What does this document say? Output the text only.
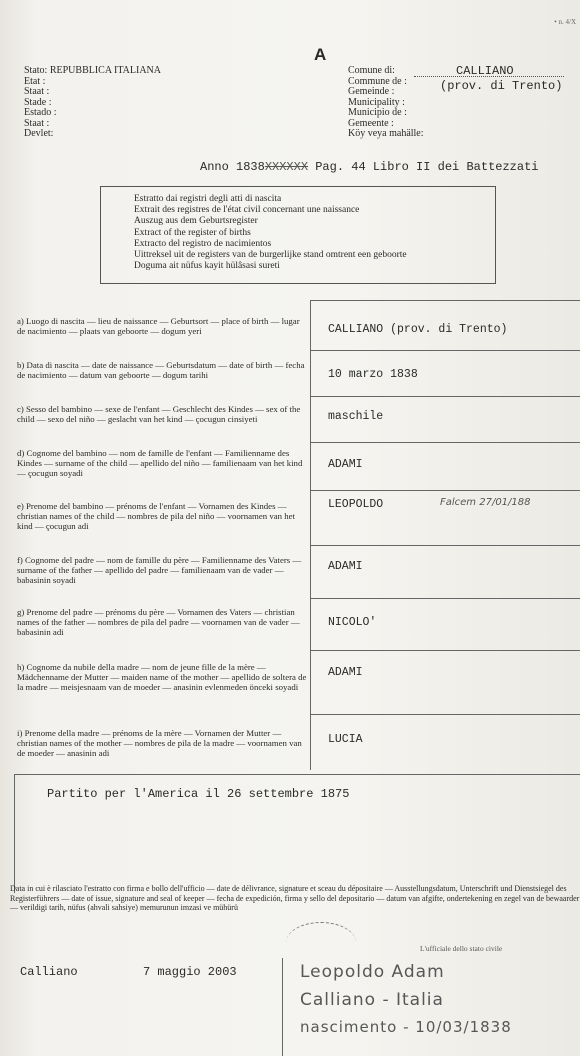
A
• n. 4/X
Stato: REPUBBLICA ITALIANA
Etat :
Staat :
Stade :
Estado :
Staat :
Devlet:
Comune di:
Commune de :
Gemeinde :
Municipality :
Municipio de :
Gemeente :
Köy veya mahälle:
CALLIANO
(prov. di Trento)
Anno 1838XXXXXX Pag. 44 Libro II dei Battezzati
Estratto dai registri degli atti di nascita
Extrait des registres de l'état civil concernant une naissance
Auszug aus dem Geburtsregister
Extract of the register of births
Extracto del registro de nacimientos
Uittreksel uit de registers van de burgerlijke stand omtrent een geboorte
Doguma ait nüfus kayit hülâsasi sureti
a) Luogo di nascita — lieu de naissance — Geburtsort — place of birth — lugar de nacimiento — plaats van geboorte — dogum yeri	CALLIANO (prov. di Trento)
b) Data di nascita — date de naissance — Geburtsdatum — date of birth — fecha de nacimiento — datum van geboorte — dogum tarihi	10 marzo 1838
c) Sesso del bambino — sexe de l'enfant — Geschlecht des Kindes — sex of the child — sexo del niño — geslacht van het kind — çocugun cinsiyeti	maschile
d) Cognome del bambino — nom de famille de l'enfant — Familienname des Kindes — surname of the child — apellido del niño — familienaam van het kind — çocugun soyadi
ADAMI
e) Prenome del bambino — prénoms de l'enfant — Vornamen des Kindes — christian names of the child — nombres de pila del niño — voornamen van het kind — çocugun adi
LEOPOLDO
f) Cognome del padre — nom de famille du père — Familienname des Vaters — surname of the father — apellido del padre — familienaam van de vader — babasinin soyadi
ADAMI
g) Prenome del padre — prénoms du père — Vornamen des Vaters — christian names of the father — nombres de pila del padre — voornamen van de vader — babasinin adi
NICOLO'
h) Cognome da nubile della madre — nom de jeune fille de la mère — Mädchenname der Mutter — maiden name of the mother — apellido de soltera de la madre — meisjesnaam van de moeder — anasinin evlenmeden önceki soyadi
ADAMI
i) Prenome della madre — prénoms de la mère — Vornamen der Mutter — christian names of the mother — nombres de pila de la madre — voornamen van de moeder — anasinin adi
LUCIA
Falcem 27/01/188
Partito per l'America il 26 settembre 1875
Data in cui è rilasciato l'estratto con firma e bollo dell'ufficio — date de délivrance, signature et sceau du dépositaire — Ausstellungsdatum, Unterschrift und Dienstsiegel des Registerführers — date of issue, signature and seal of keeper — fecha de expedición, firma y sello del depositario — datum van afgifte, ondertekening en zegel van de bewaarder — verildigi tarih, nüfus (ahvali sahsiye) memurunun imzasi ve mühürü
L'ufficiale dello stato civile
Calliano	7 maggio 2003	Leopoldo Adam
Calliano - Italia
nascimento - 10/03/1838
